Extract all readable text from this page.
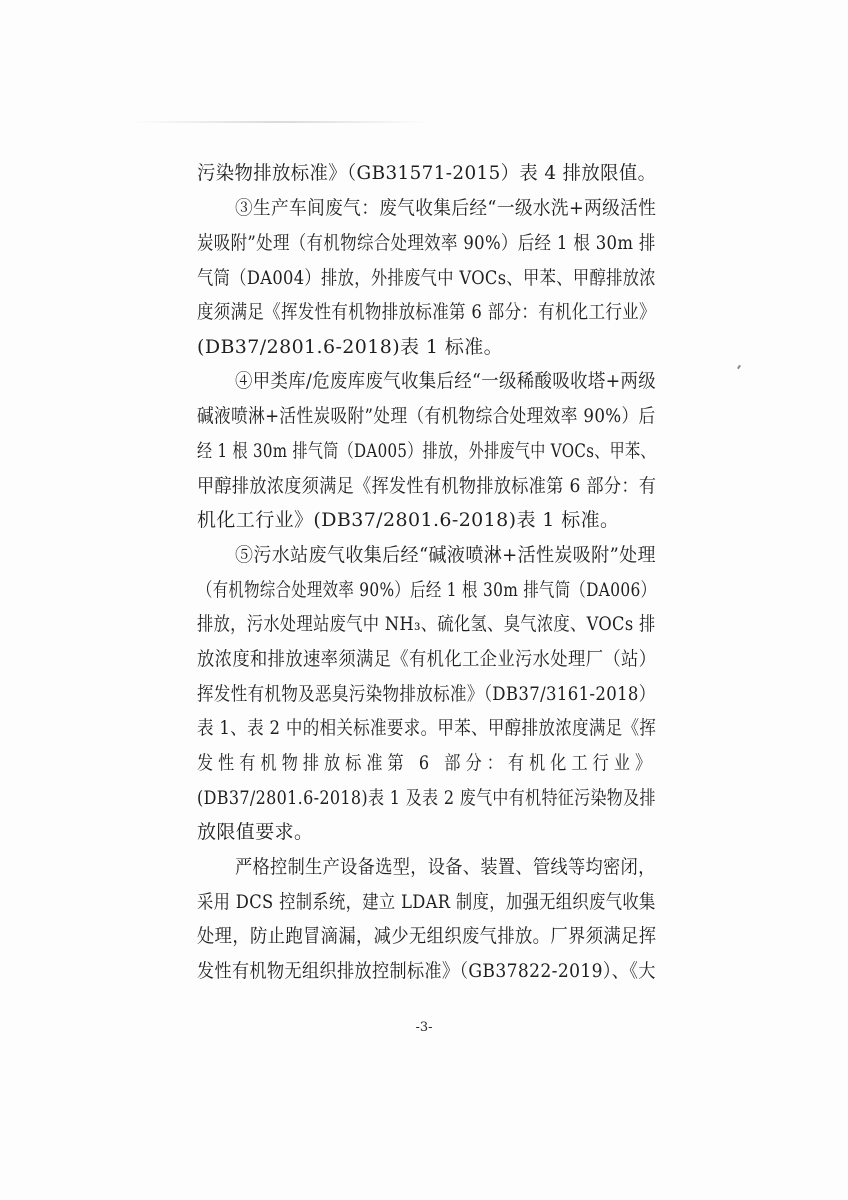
污染物排放标准》（GB31571-2015）表 4 排放限值。
③生产车间废气：废气收集后经“一级水洗+两级活性
炭吸附”处理（有机物综合处理效率 90%）后经 1 根 30m 排
气筒（DA004）排放，外排废气中 VOCs、甲苯、甲醇排放浓
度须满足《挥发性有机物排放标准第 6 部分：有机化工行业》
(DB37/2801.6-2018)表 1 标准。
④甲类库/危废库废气收集后经“一级稀酸吸收塔+两级
碱液喷淋+活性炭吸附”处理（有机物综合处理效率 90%）后
经 1 根 30m 排气筒（DA005）排放，外排废气中 VOCs、甲苯、
甲醇排放浓度须满足《挥发性有机物排放标准第 6 部分：有
机化工行业》(DB37/2801.6-2018)表 1 标准。
⑤污水站废气收集后经“碱液喷淋+活性炭吸附”处理
（有机物综合处理效率 90%）后经 1 根 30m 排气筒（DA006）
排放，污水处理站废气中 NH₃、硫化氢、臭气浓度、VOCs 排
放浓度和排放速率须满足《有机化工企业污水处理厂（站）
挥发性有机物及恶臭污染物排放标准》（DB37/3161-2018）
表 1、表 2 中的相关标准要求。甲苯、甲醇排放浓度满足《挥
发性有机物排放标准第 6 部分：有机化工行业》
(DB37/2801.6-2018)表 1 及表 2 废气中有机特征污染物及排
放限值要求。
严格控制生产设备选型，设备、装置、管线等均密闭，
采用 DCS 控制系统，建立 LDAR 制度，加强无组织废气收集
处理，防止跑冒滴漏，减少无组织废气排放。厂界须满足挥
发性有机物无组织排放控制标准》（GB37822-2019）、《大
-3-
